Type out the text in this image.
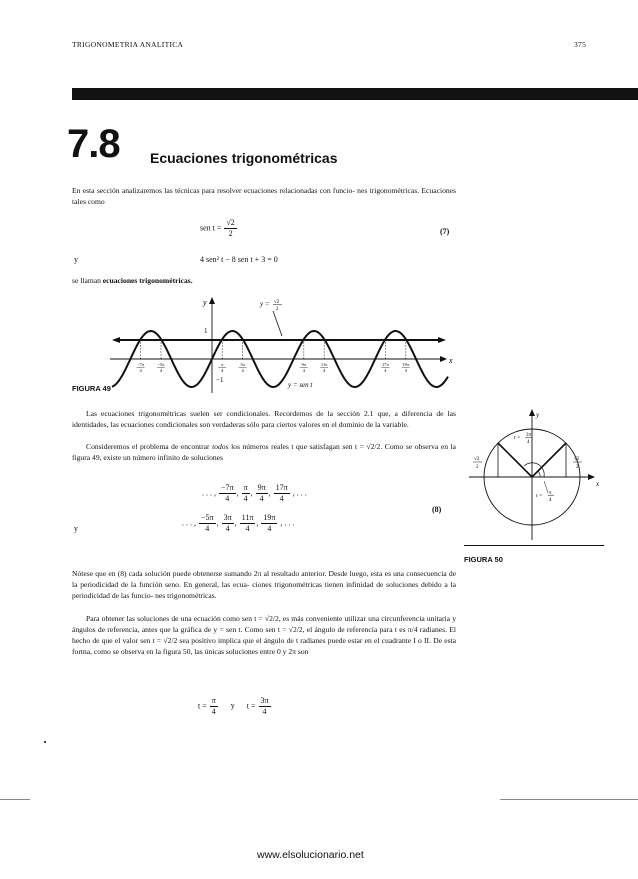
TRIGONOMETRIA ANALITICA	375
7.8 Ecuaciones trigonométricas
En esta sección analizaremos las técnicas para resolver ecuaciones relacionadas con funcio- nes trigonométricas. Ecuaciones tales como
sen $t = \frac{√2}{2}$	(7)
y	4 sen² t − 8 sen t + 3 = 0
se llaman ecuaciones trigonométricas.
y
x
1
−1
y = √2
2
y = sen t
−7π
4
−5π
4
π
4
3π
4
9π
4
11π
4
17π
4
19π
4
FIGURA 49
Las ecuaciones trigonométricas suelen ser condicionales. Recordemos de la sección 2.1 que, a diferencia de las identidades, las ecuaciones condicionales son verdaderas sólo para ciertos valores en el dominio de la variable.
Consideremos el problema de encontrar todos los números reales t que satisfagan sen t = √2/2. Como se observa en la figura 49, existe un número infinito de soluciones
. . . , $\frac{-7\pi}{4}$ , $\frac{\pi}{4}$ , $\frac{9\pi}{4}$ , $\frac{17\pi}{4}$ , . . .
(8)
y
. . . , $\frac{-5\pi}{4}$ , $\frac{3\pi}{4}$ , $\frac{11\pi}{4}$ , $\frac{19\pi}{4}$ , . . .
y
x
√2
2
√2
2
t = 3π
4
t = π
4
FIGURA 50
Nótese que en (8) cada solución puede obtenerse sumando 2π al resultado anterior. Desde luego, esta es una consecuencia de la periodicidad de la función seno. En general, las ecua- ciones trigonométricas tienen infinidad de soluciones debido a la periodicidad de las funcio- nes trigonométricas.
Para obtener las soluciones de una ecuación como sen t = √2/2, es más conveniente utilizar una circunferencia unitaria y ángulos de referencia, antes que la gráfica de y = sen t. Como sen t = √2/2, el ángulo de referencia para t es π/4 radianes. El hecho de que el valor sen t = √2/2 sea positivo implica que el ángulo de t radianes puede estar en el cuadrante I o II. De esta forma, como se observa en la figura 50, las únicas soluciones entre 0 y 2π son
$t = \frac{\pi}{4}$ y $t = \frac{3\pi}{4}$
www.elsolucionario.net
